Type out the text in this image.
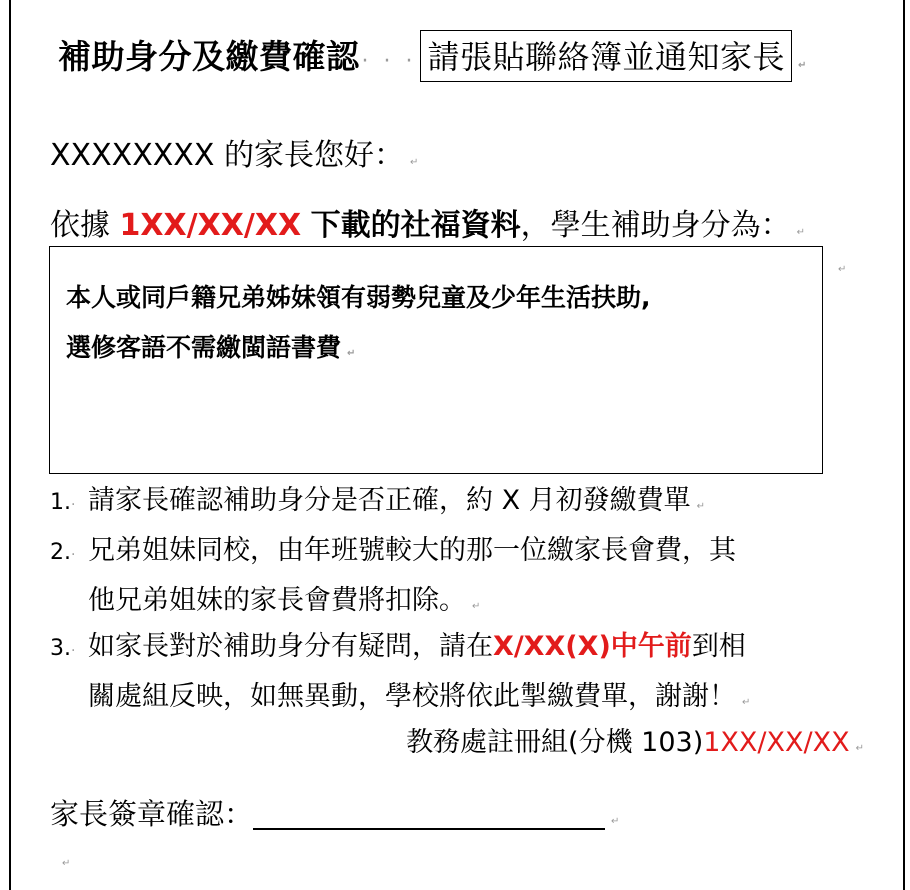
補助身分及繳費確認· · · 請張貼聯絡簿並通知家長 ↵
XXXXXXXX 的家長您好： ↵
依據 1XX/XX/XX 下載的社福資料，學生補助身分為： ↵
本人或同戶籍兄弟姊妹領有弱勢兒童及少年生活扶助,
選修客語不需繳閩語書費 ↵
↵
1.· 請家長確認補助身分是否正確，約 X 月初發繳費單 ↵
2.· 兄弟姐妹同校，由年班號較大的那一位繳家長會費，其
他兄弟姐妹的家長會費將扣除。 ↵
3.· 如家長對於補助身分有疑問，請在X/XX(X)中午前到相
關處組反映，如無異動，學校將依此掣繳費單，謝謝！ ↵
教務處註冊組(分機 103)1XX/XX/XX ↵
家長簽章確認：	↵
↵
